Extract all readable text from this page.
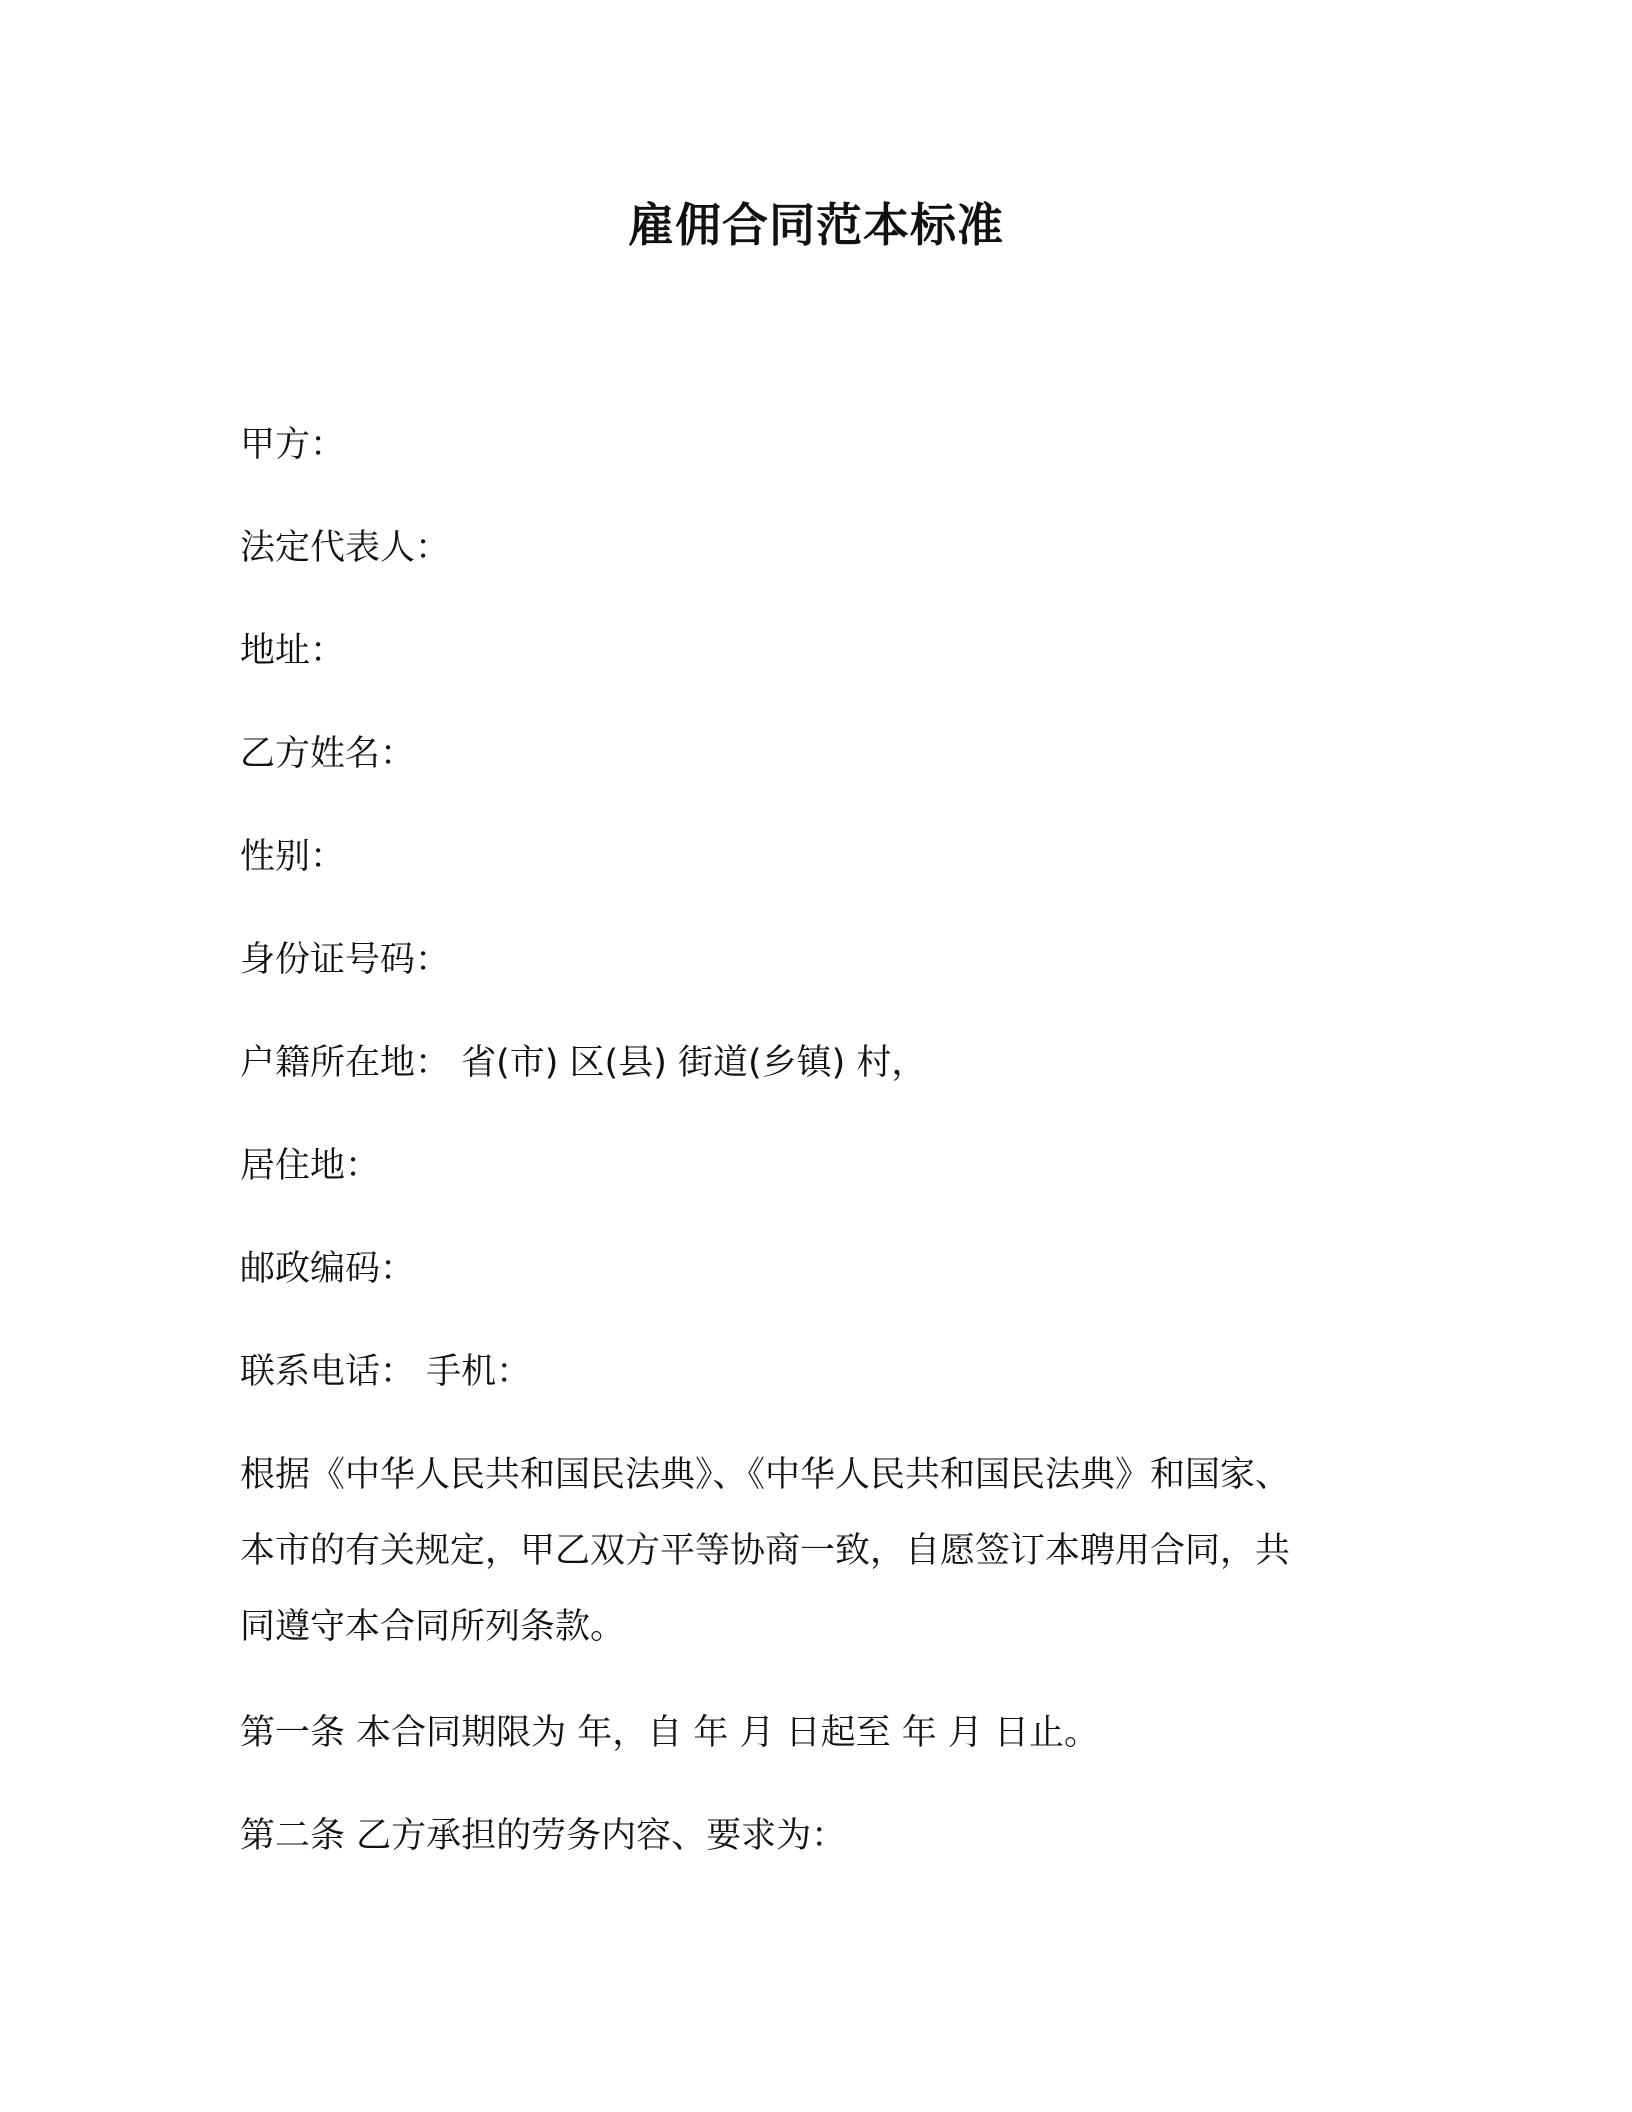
雇佣合同范本标准
甲方：
法定代表人：
地址：
乙方姓名：
性别：
身份证号码：
户籍所在地： 省(市) 区(县) 街道(乡镇) 村，
居住地：
邮政编码：
联系电话： 手机：
根据《中华人民共和国民法典》、《中华人民共和国民法典》和国家、
本市的有关规定，甲乙双方平等协商一致，自愿签订本聘用合同，共
同遵守本合同所列条款。
第一条 本合同期限为 年，自 年 月 日起至 年 月 日止。
第二条 乙方承担的劳务内容、要求为：
